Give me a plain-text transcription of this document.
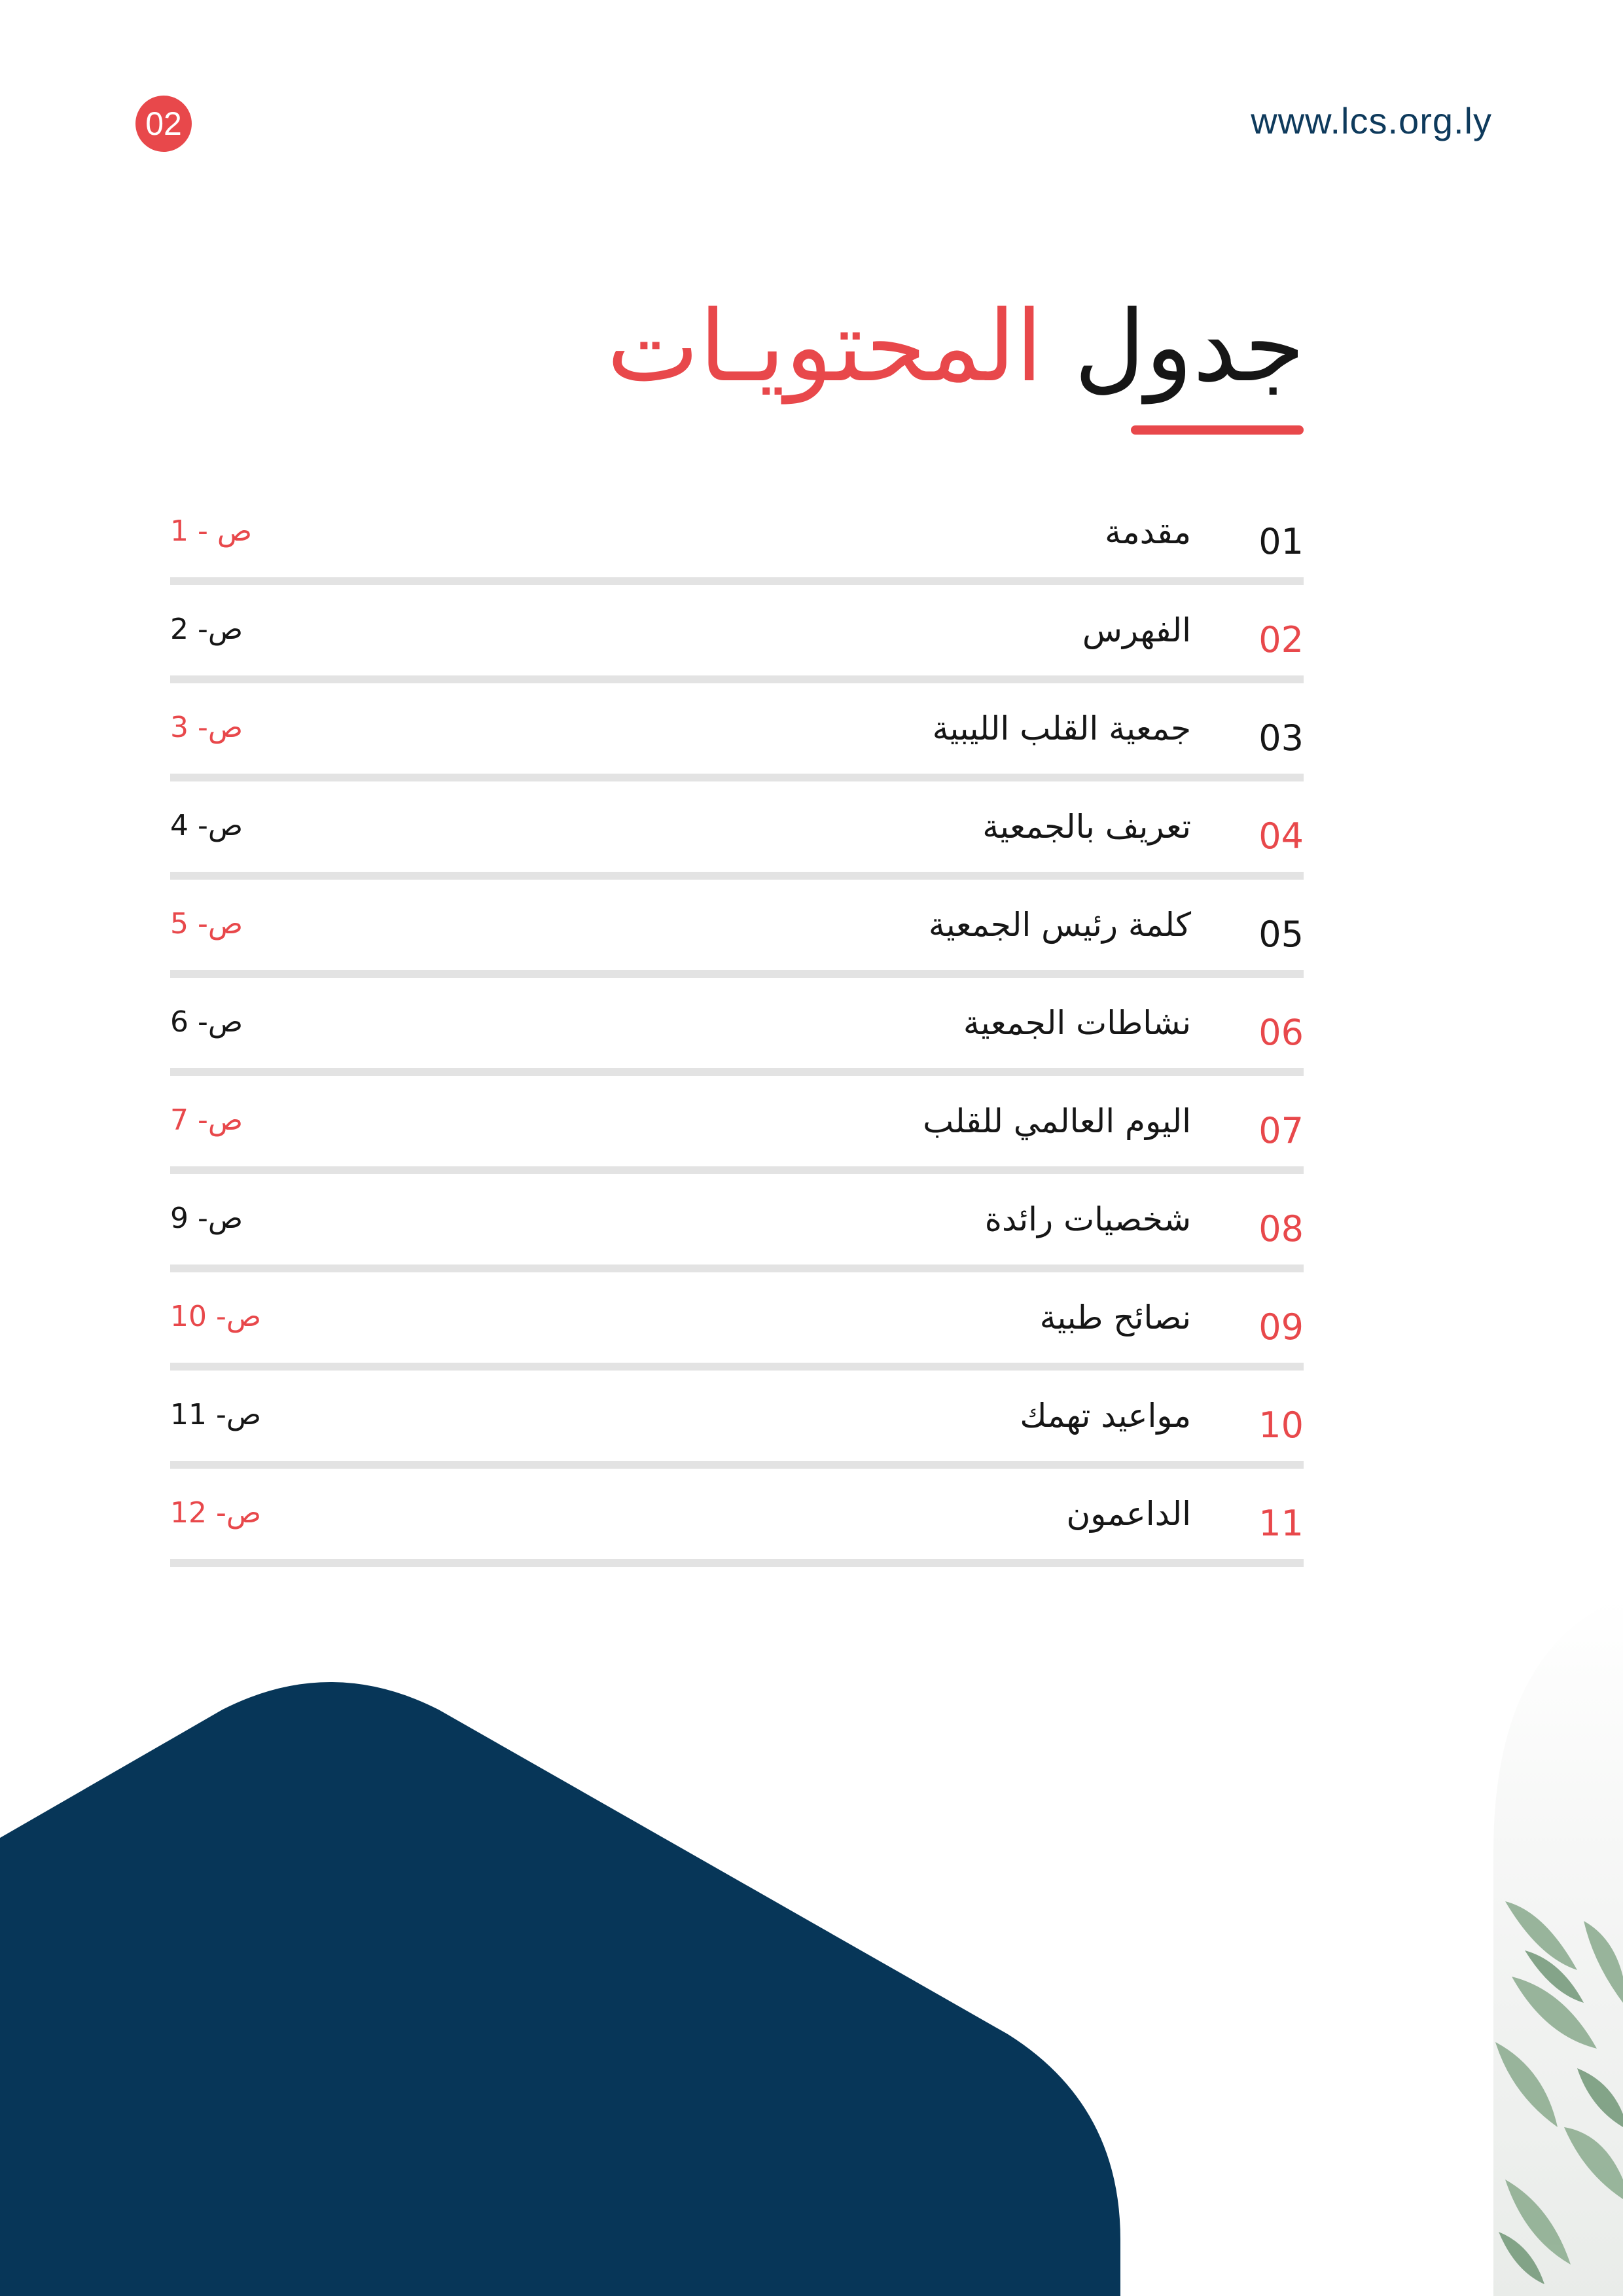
02	www.lcs.org.ly
جدول المحتويـات
01
مقدمة
ص - 1
02
الفهرس
ص- 2
03
جمعية القلب الليبية
ص- 3
04
تعريف بالجمعية
ص- 4
05
كلمة رئيس الجمعية
ص- 5
06
نشاطات الجمعية
ص- 6
07
اليوم العالمي للقلب
ص- 7
08
شخصيات رائدة
ص- 9
09
نصائح طبية
ص- 10
10
مواعيد تهمك
ص- 11
11
الداعمون
ص- 12
